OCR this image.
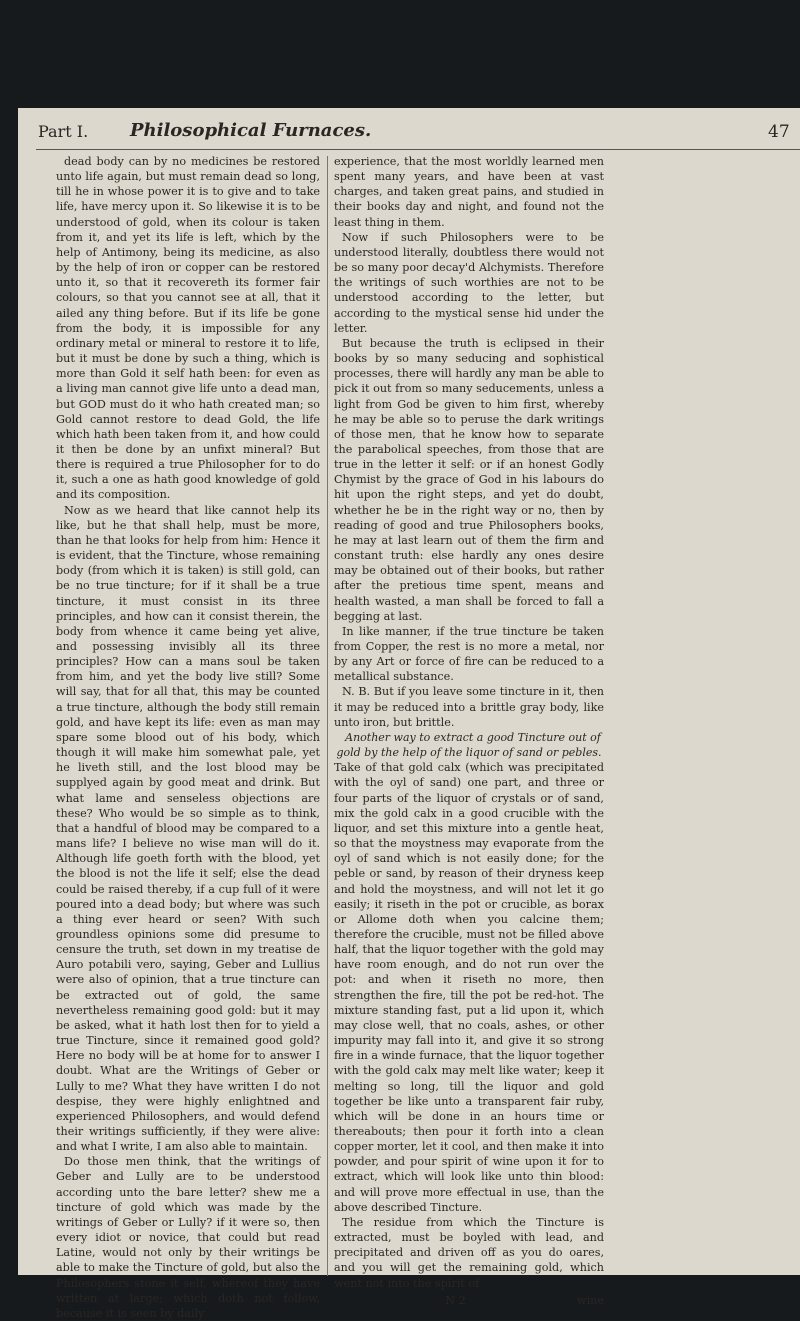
Part I. Philosophical Furnaces.	47

dead body can by no medicines be restored unto life again, but must remain dead so long, till he in whose power it is to give and to take life, have mercy upon it. So likewise it is to be understood of gold, when its colour is taken from it, and yet its life is left, which by the help of Antimony, being its medicine, as also by the help of iron or copper can be restored unto it, so that it recovereth its former fair colours, so that you cannot see at all, that it ailed any thing before. But if its life be gone from the body, it is impossible for any ordinary metal or mineral to restore it to life, but it must be done by such a thing, which is more than Gold it self hath been: for even as a living man cannot give life unto a dead man, but GOD must do it who hath created man; so Gold cannot restore to dead Gold, the life which hath been taken from it, and how could it then be done by an unfixt mineral? But there is required a true Philosopher for to do it, such a one as hath good knowledge of gold and its composition.

Now as we heard that like cannot help its like, but he that shall help, must be more, than he that looks for help from him: Hence it is evident, that the Tincture, whose remaining body (from which it is taken) is still gold, can be no true tincture; for if it shall be a true tincture, it must consist in its three principles, and how can it consist therein, the body from whence it came being yet alive, and possessing invisibly all its three principles? How can a mans soul be taken from him, and yet the body live still? Some will say, that for all that, this may be counted a true tincture, although the body still remain gold, and have kept its life: even as man may spare some blood out of his body, which though it will make him somewhat pale, yet he liveth still, and the lost blood may be supplyed again by good meat and drink. But what lame and senseless objections are these? Who would be so simple as to think, that a handful of blood may be compared to a mans life? I believe no wise man will do it. Although life goeth forth with the blood, yet the blood is not the life it self; else the dead could be raised thereby, if a cup full of it were poured into a dead body; but where was such a thing ever heard or seen? With such groundless opinions some did presume to censure the truth, set down in my treatise de Auro potabili vero, saying, Geber and Lullius were also of opinion, that a true tincture can be extracted out of gold, the same nevertheless remaining good gold: but it may be asked, what it hath lost then for to yield a true Tincture, since it remained good gold? Here no body will be at home for to answer I doubt. What are the Writings of Geber or Lully to me? What they have written I do not despise, they were highly enlightned and experienced Philosophers, and would defend their writings sufficiently, if they were alive: and what I write, I am also able to maintain.

Do those men think, that the writings of Geber and Lully are to be understood according unto the bare letter? shew me a tincture of gold which was made by the writings of Geber or Lully? if it were so, then every idiot or novice, that could but read Latine, would not only by their writings be able to make the Tincture of gold, but also the Philosophers stone it self, whereof they have written at large; which doth not follow, because it is seen by daily

experience, that the most worldly learned men spent many years, and have been at vast charges, and taken great pains, and studied in their books day and night, and found not the least thing in them.

Now if such Philosophers were to be understood literally, doubtless there would not be so many poor decay'd Alchymists. Therefore the writings of such worthies are not to be understood according to the letter, but according to the mystical sense hid under the letter.

But because the truth is eclipsed in their books by so many seducing and sophistical processes, there will hardly any man be able to pick it out from so many seducements, unless a light from God be given to him first, whereby he may be able so to peruse the dark writings of those men, that he know how to separate the parabolical speeches, from those that are true in the letter it self: or if an honest Godly Chymist by the grace of God in his labours do hit upon the right steps, and yet do doubt, whether he be in the right way or no, then by reading of good and true Philosophers books, he may at last learn out of them the firm and constant truth: else hardly any ones desire may be obtained out of their books, but rather after the pretious time spent, means and health wasted, a man shall be forced to fall a begging at last.

In like manner, if the true tincture be taken from Copper, the rest is no more a metal, nor by any Art or force of fire can be reduced to a metallical substance.

N. B. But if you leave some tincture in it, then it may be reduced into a brittle gray body, like unto iron, but brittle.

Another way to extract a good Tincture out of gold by the help of the liquor of sand or pebles.

Take of that gold calx (which was precipitated with the oyl of sand) one part, and three or four parts of the liquor of crystals or of sand, mix the gold calx in a good crucible with the liquor, and set this mixture into a gentle heat, so that the moystness may evaporate from the oyl of sand which is not easily done; for the peble or sand, by reason of their dryness keep and hold the moystness, and will not let it go easily; it riseth in the pot or crucible, as borax or Allome doth when you calcine them; therefore the crucible, must not be filled above half, that the liquor together with the gold may have room enough, and do not run over the pot: and when it riseth no more, then strengthen the fire, till the pot be red-hot. The mixture standing fast, put a lid upon it, which may close well, that no coals, ashes, or other impurity may fall into it, and give it so strong fire in a winde furnace, that the liquor together with the gold calx may melt like water; keep it melting so long, till the liquor and gold together be like unto a transparent fair ruby, which will be done in an hours time or thereabouts; then pour it forth into a clean copper morter, let it cool, and then make it into powder, and pour spirit of wine upon it for to extract, which will look like unto thin blood: and will prove more effectual in use, than the above described Tincture.

The residue from which the Tincture is extracted, must be boyled with lead, and precipitated and driven off as you do oares, and you will get the remaining gold, which went not into the spirit of

N 2	wine
